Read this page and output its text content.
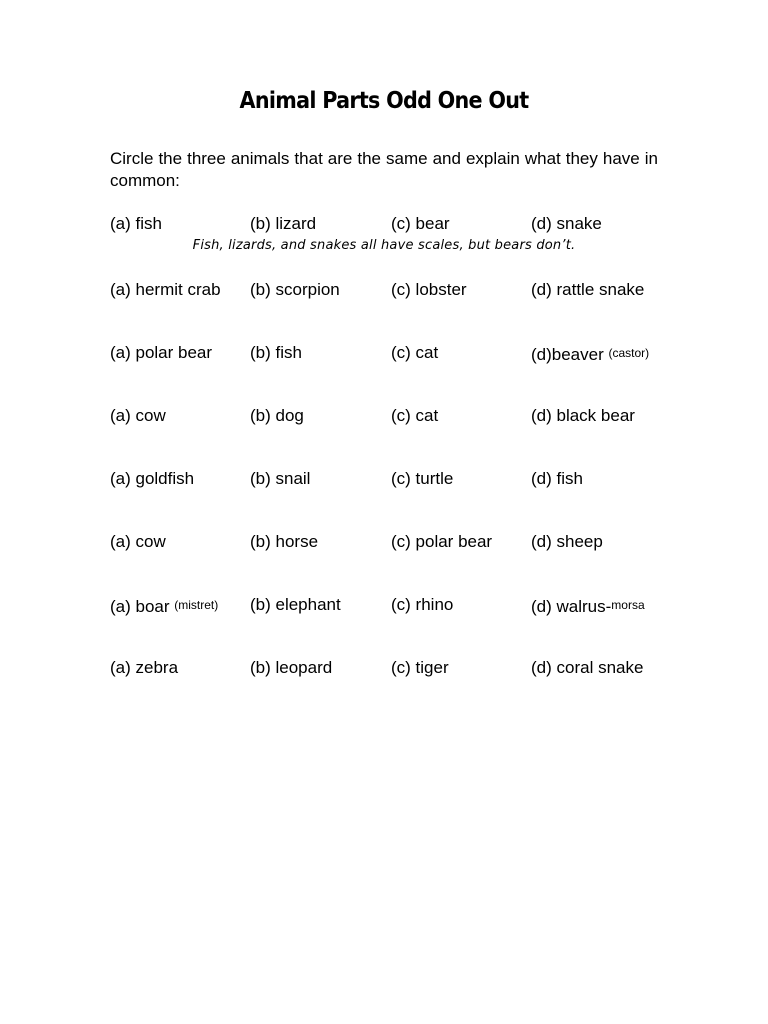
Animal Parts Odd One Out
Circle the three animals that are the same and explain what they have in common:
(a) fish	(b) lizard	(c) bear	(d) snake
Fish, lizards, and snakes all have scales, but bears don’t.
(a) hermit crab (b) scorpion	(c) lobster	(d) rattle snake
(a) polar bear (b) fish	(c) cat	(d)beaver (castor)
(a) cow	(b) dog	(c) cat	(d) black bear
(a) goldfish	(b) snail	(c) turtle	(d) fish
(a) cow	(b) horse	(c) polar bear (d) sheep
(a) boar (mistret) (b) elephant	(c) rhino	(d) walrus-morsa
(a) zebra	(b) leopard	(c) tiger	(d) coral snake
